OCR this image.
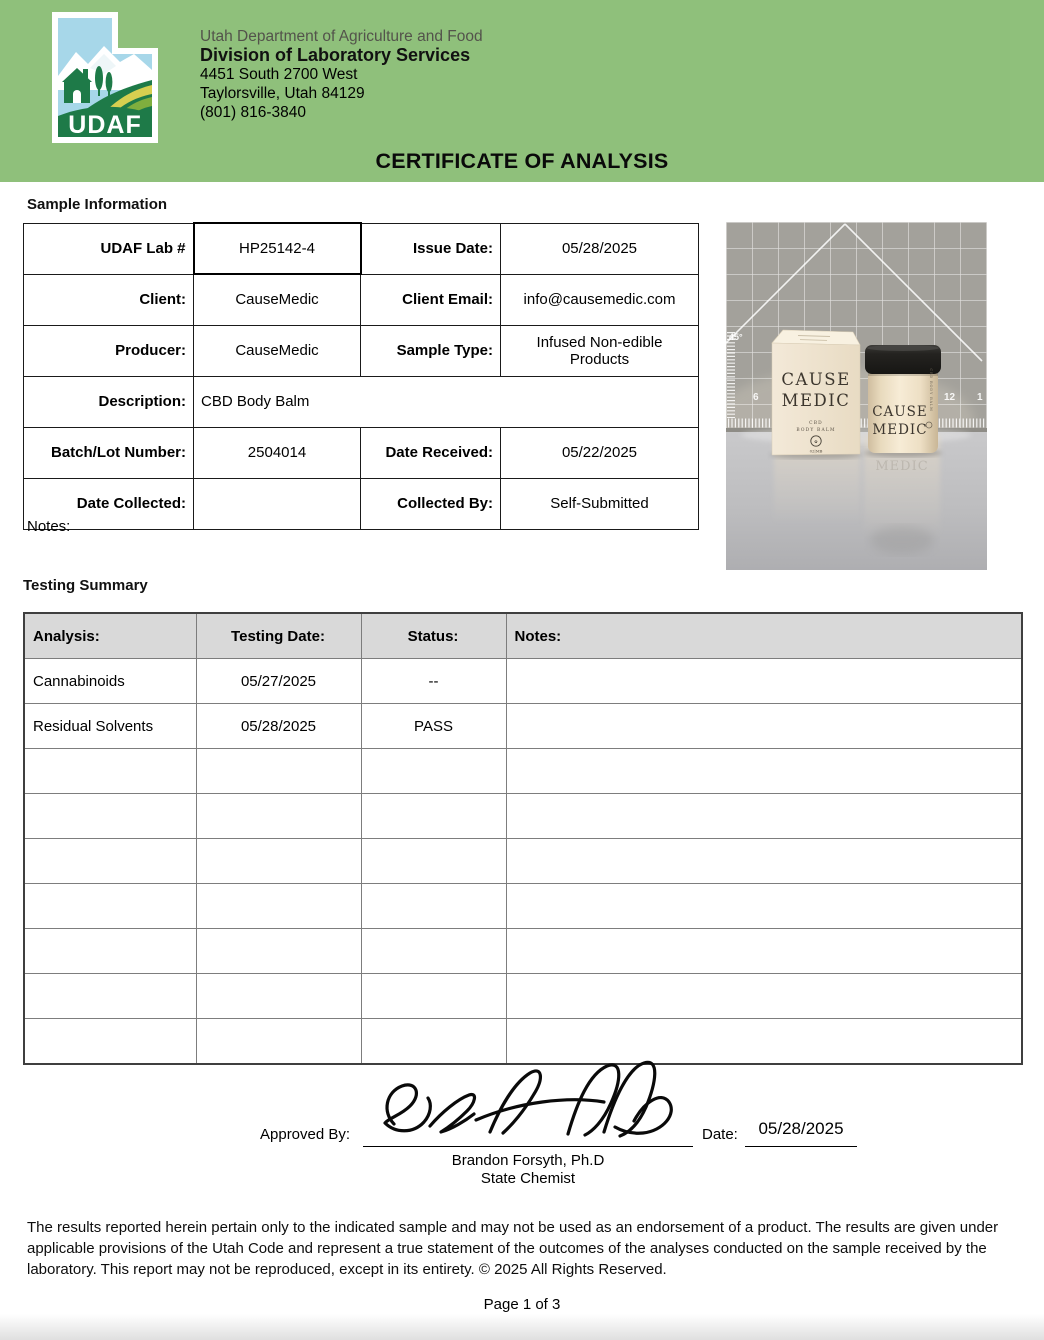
UDAF
Utah Department of Agriculture and Food
Division of Laboratory Services
4451 South 2700 West
Taylorsville, Utah 84129
(801) 816-3840
CERTIFICATE OF ANALYSIS
Sample Information
UDAF Lab #	HP25142-4	Issue Date:	05/28/2025
Client:	CauseMedic	Client Email:	info@causemedic.com
Producer:	CauseMedic	Sample Type:	Infused Non-edible Products
Description:	CBD Body Balm		
Batch/Lot Number:	2504014	Date Received:	05/22/2025
Date Collected:		Collected By:	Self-Submitted
Notes:
45°
6	12 1
MEDIC
CAUSE
MEDIC
CBD
BODY BALM
✿
02|MB
CAUSE
MEDIC
CBD BODY BALM
Testing Summary
Analysis:	Testing Date:	Status:	Notes:
Cannabinoids	05/27/2025	--	
Residual Solvents	05/28/2025	PASS	

Approved By:	Date:	05/28/2025
Brandon Forsyth, Ph.D
State Chemist
The results reported herein pertain only to the indicated sample and may not be used as an endorsement of a product. The results are given under applicable provisions of the Utah Code and represent a true statement of the outcomes of the analyses conducted on the sample received by the laboratory. This report may not be reproduced, except in its entirety. © 2025 All Rights Reserved.
Page 1 of 3
